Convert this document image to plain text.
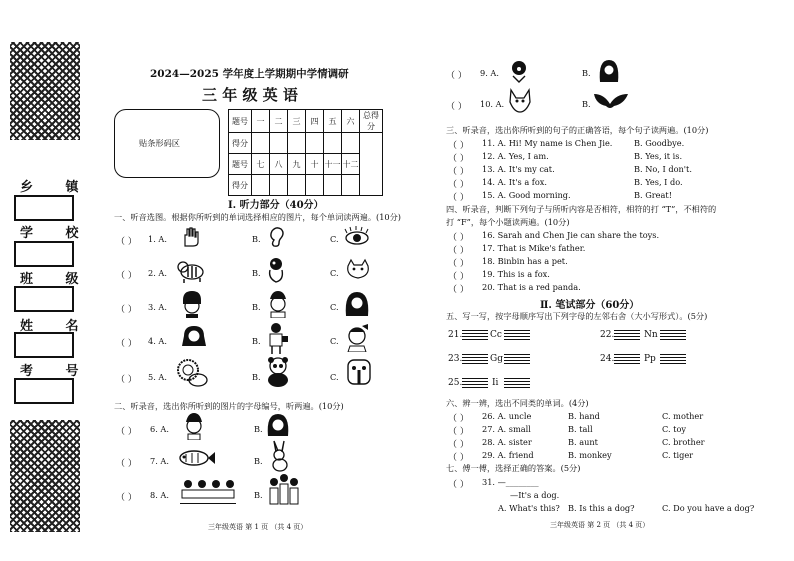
乡 镇
学 校
班 级
姓 名
考 号
2024—2025 学年度上学期期中学情调研
三 年 级 英 语
贴条形码区
题号	一	二	三	四	五	六	总得分
得分							
题号	七	八	九	十	十一	十二	
得分							
Ⅰ. 听力部分（40分）
一、听音选图。根据你所听到的单词选择相应的图片，每个单词读两遍。(10分)
（ ） 1. A.	B.	C.
（ ） 2. A.	B.	C.
（ ） 3. A.	B.	C.
（ ） 4. A.	B.	C.
（ ） 5. A.	B.	C.
二、听录音，选出你所听到的图片的字母编号，听两遍。(10分)
（ ） 6. A.	B.
（ ） 7. A.	B.
（ ） 8. A.	B.
三年级英语 第 1 页 （共 4 页）
（ ） 9. A.	B.
（ ） 10. A.	B.
三、听录音，选出你所听到的句子的正确答语，每个句子读两遍。(10分)
（ ） 11. A. Hi! My name is Chen Jie.	B. Goodbye.
（ ） 12. A. Yes, I am.	B. Yes, it is.
（ ） 13. A. It's my cat.	B. No, I don't.
（ ） 14. A. It's a fox.	B. Yes, I do.
（ ） 15. A. Good morning.	B. Great!
四、听录音，判断下列句子与所听内容是否相符，相符的打 “T”，不相符的
打 “F”，每个小题读两遍。(10分)
（ ） 16. Sarah and Chen Jie can share the toys.
（ ） 17. That is Mike's father.
（ ） 18. Binbin has a pet.
（ ） 19. This is a fox.
（ ） 20. That is a red panda.
Ⅱ. 笔试部分（60分）
五、写一写，按字母顺序写出下列字母的左邻右舍（大小写形式）。(5分)
21.	Cc	22.	Nn
23.	Gg	24.	Pp
25.	Ii
六、辨一辨，选出不同类的单词。(4分)
（ ） 26. A. uncle	B. hand	C. mother
（ ） 27. A. small	B. tall	C. toy
（ ） 28. A. sister	B. aunt	C. brother
（ ） 29. A. friend	B. monkey	C. tiger
七、傅一傅，选择正确的答案。(5分)
（ ） 31. —________
—It's a dog.
A. What's this? B. Is this a dog?	C. Do you have a dog?
三年级英语 第 2 页 （共 4 页）
